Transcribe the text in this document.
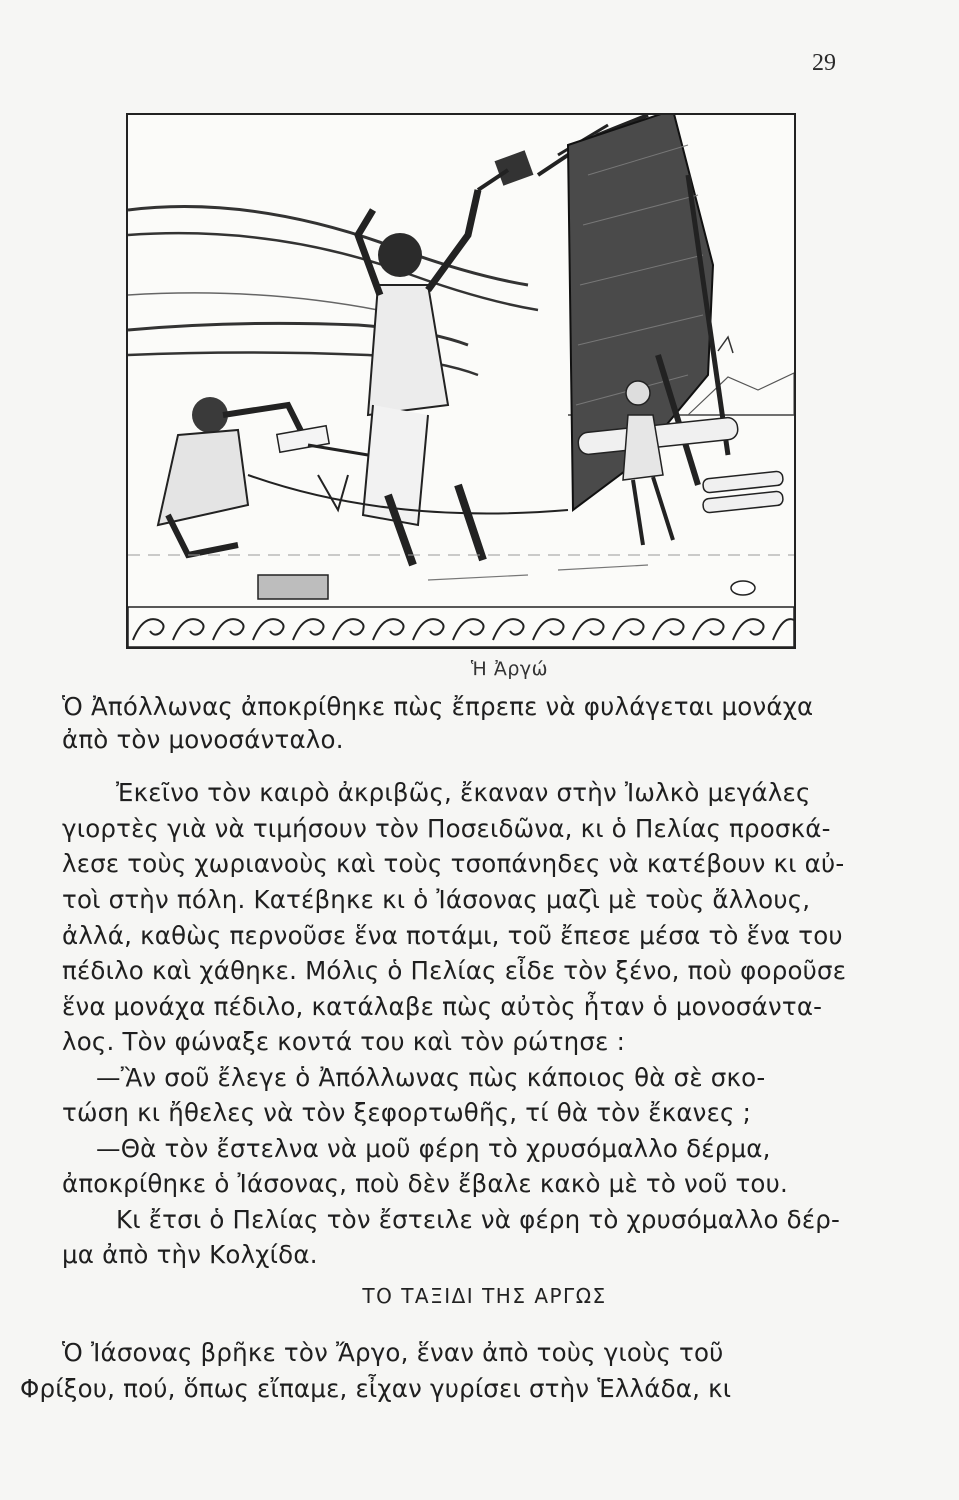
29
Ἡ Ἀργώ
Ὁ Ἀπόλλωνας ἀποκρίθηκε πὼς ἔπρεπε νὰ φυλάγεται μονάχα
ἀπὸ τὸν μονοσάνταλο.
Ἐκεῖνο τὸν καιρὸ ἀκριβῶς, ἔκαναν στὴν Ἰωλκὸ μεγάλες
γιορτὲς γιὰ νὰ τιμήσουν τὸν Ποσειδῶνα, κι ὁ Πελίας προσκά-
λεσε τοὺς χωριανοὺς καὶ τοὺς τσοπάνηδες νὰ κατέβουν κι αὐ-
τοὶ στὴν πόλη. Κατέβηκε κι ὁ Ἰάσονας μαζὶ μὲ τοὺς ἄλλους,
ἀλλά, καθὼς περνοῦσε ἕνα ποτάμι, τοῦ ἔπεσε μέσα τὸ ἕνα του
πέδιλο καὶ χάθηκε. Μόλις ὁ Πελίας εἶδε τὸν ξένο, ποὺ φοροῦσε
ἕνα μονάχα πέδιλο, κατάλαβε πὼς αὐτὸς ἦταν ὁ μονοσάντα-
λος. Τὸν φώναξε κοντά του καὶ τὸν ρώτησε :
—Ἂν σοῦ ἔλεγε ὁ Ἀπόλλωνας πὼς κάποιος θὰ σὲ σκο-
τώση κι ἤθελες νὰ τὸν ξεφορτωθῆς, τί θὰ τὸν ἔκανες ;
—Θὰ τὸν ἔστελνα νὰ μοῦ φέρη τὸ χρυσόμαλλο δέρμα,
ἀποκρίθηκε ὁ Ἰάσονας, ποὺ δὲν ἔβαλε κακὸ μὲ τὸ νοῦ του.
Κι ἔτσι ὁ Πελίας τὸν ἔστειλε νὰ φέρη τὸ χρυσόμαλλο δέρ-
μα ἀπὸ τὴν Κολχίδα.
ΤΟ ΤΑΞΙΔΙ ΤΗΣ ΑΡΓΩΣ
Ὁ Ἰάσονας βρῆκε τὸν Ἄργο, ἕναν ἀπὸ τοὺς γιοὺς τοῦ
Φρίξου, πού, ὅπως εἴπαμε, εἶχαν γυρίσει στὴν Ἑλλάδα, κι
